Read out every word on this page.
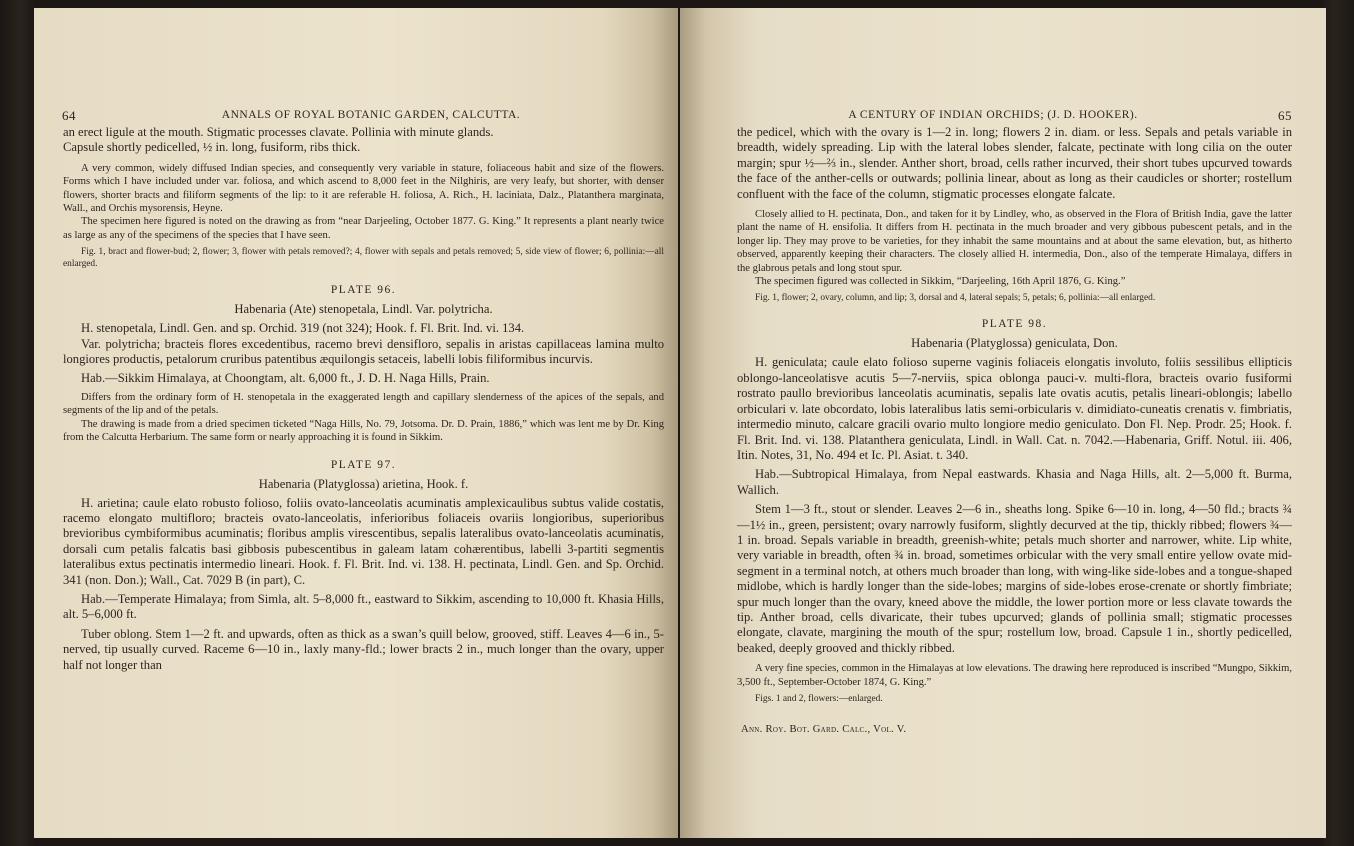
64	ANNALS OF ROYAL BOTANIC GARDEN, CALCUTTA.

an erect ligule at the mouth. Stigmatic processes clavate. Pollinia with minute glands.

Capsule shortly pedicelled, ½ in. long, fusiform, ribs thick.

A very common, widely diffused Indian species, and consequently very variable in stature, foliaceous habit and size of the flowers. Forms which I have included under var. foliosa, and which ascend to 8,000 feet in the Nilghiris, are very leafy, but shorter, with denser flowers, shorter bracts and filiform segments of the lip: to it are referable H. foliosa, A. Rich., H. laciniata, Dalz., Platanthera marginata, Wall., and Orchis mysorensis, Heyne.

The specimen here figured is noted on the drawing as from “near Darjeeling, October 1877. G. King.” It represents a plant nearly twice as large as any of the specimens of the species that I have seen.

Fig. 1, bract and flower-bud; 2, flower; 3, flower with petals removed?; 4, flower with sepals and petals removed; 5, side view of flower; 6, pollinia:—all enlarged.

PLATE 96.

Habenaria (Ate) stenopetala, Lindl. Var. polytricha.

H. stenopetala, Lindl. Gen. and sp. Orchid. 319 (not 324); Hook. f. Fl. Brit. Ind. vi. 134.

Var. polytricha; bracteis flores excedentibus, racemo brevi densifloro, sepalis in aristas capillaceas lamina multo longiores productis, petalorum cruribus patentibus æquilongis setaceis, labelli lobis filiformibus incurvis.

Hab.—Sikkim Himalaya, at Choongtam, alt. 6,000 ft., J. D. H. Naga Hills, Prain.

Differs from the ordinary form of H. stenopetala in the exaggerated length and capillary slenderness of the apices of the sepals, and segments of the lip and of the petals.

The drawing is made from a dried specimen ticketed “Naga Hills, No. 79, Jotsoma. Dr. D. Prain, 1886,” which was lent me by Dr. King from the Calcutta Herbarium. The same form or nearly approaching it is found in Sikkim.

PLATE 97.

Habenaria (Platyglossa) arietina, Hook. f.

H. arietina; caule elato robusto folioso, foliis ovato-lanceolatis acuminatis amplexicaulibus subtus valide costatis, racemo elongato multifloro; bracteis ovato-lanceolatis, inferioribus foliaceis ovariis longioribus, superioribus brevioribus cymbiformibus acuminatis; floribus amplis virescentibus, sepalis lateralibus ovato-lanceolatis acuminatis, dorsali cum petalis falcatis basi gibbosis pubescentibus in galeam latam cohærentibus, labelli 3-partiti segmentis lateralibus extus pectinatis intermedio lineari. Hook. f. Fl. Brit. Ind. vi. 138. H. pectinata, Lindl. Gen. and Sp. Orchid. 341 (non. Don.); Wall., Cat. 7029 B (in part), C.

Hab.—Temperate Himalaya; from Simla, alt. 5–8,000 ft., eastward to Sikkim, ascending to 10,000 ft. Khasia Hills, alt. 5–6,000 ft.

Tuber oblong. Stem 1—2 ft. and upwards, often as thick as a swan’s quill below, grooved, stiff. Leaves 4—6 in., 5-nerved, tip usually curved. Raceme 6—10 in., laxly many-fld.; lower bracts 2 in., much longer than the ovary, upper half not longer than

A CENTURY OF INDIAN ORCHIDS; (J. D. HOOKER).	65

the pedicel, which with the ovary is 1—2 in. long; flowers 2 in. diam. or less. Sepals and petals variable in breadth, widely spreading. Lip with the lateral lobes slender, falcate, pectinate with long cilia on the outer margin; spur ½—⅔ in., slender. Anther short, broad, cells rather incurved, their short tubes upcurved towards the face of the anther-cells or outwards; pollinia linear, about as long as their caudicles or shorter; rostellum confluent with the face of the column, stigmatic processes elongate falcate.

Closely allied to H. pectinata, Don., and taken for it by Lindley, who, as observed in the Flora of British India, gave the latter plant the name of H. ensifolia. It differs from H. pectinata in the much broader and very gibbous pubescent petals, and in the longer lip. They may prove to be varieties, for they inhabit the same mountains and at about the same elevation, but, as hitherto observed, apparently keeping their characters. The closely allied H. intermedia, Don., also of the temperate Himalaya, differs in the glabrous petals and long stout spur.

The specimen figured was collected in Sikkim, “Darjeeling, 16th April 1876, G. King.”

Fig. 1, flower; 2, ovary, column, and lip; 3, dorsal and 4, lateral sepals; 5, petals; 6, pollinia:—all enlarged.

PLATE 98.

Habenaria (Platyglossa) geniculata, Don.

H. geniculata; caule elato folioso superne vaginis foliaceis elongatis involuto, foliis sessilibus ellipticis oblongo-lanceolatisve acutis 5—7-nerviis, spica oblonga pauci-v. multi-flora, bracteis ovario fusiformi rostrato paullo brevioribus lanceolatis acuminatis, sepalis late ovatis acutis, petalis lineari-oblongis; labello orbiculari v. late obcordato, lobis lateralibus latis semi-orbicularis v. dimidiato-cuneatis crenatis v. fimbriatis, intermedio minuto, calcare gracili ovario multo longiore medio geniculato. Don Fl. Nep. Prodr. 25; Hook. f. Fl. Brit. Ind. vi. 138. Platanthera geniculata, Lindl. in Wall. Cat. n. 7042.—Habenaria, Griff. Notul. iii. 406, Itin. Notes, 31, No. 494 et Ic. Pl. Asiat. t. 340.

Hab.—Subtropical Himalaya, from Nepal eastwards. Khasia and Naga Hills, alt. 2—5,000 ft. Burma, Wallich.

Stem 1—3 ft., stout or slender. Leaves 2—6 in., sheaths long. Spike 6—10 in. long, 4—50 fld.; bracts ¾—1½ in., green, persistent; ovary narrowly fusiform, slightly decurved at the tip, thickly ribbed; flowers ¾—1 in. broad. Sepals variable in breadth, greenish-white; petals much shorter and narrower, white. Lip white, very variable in breadth, often ¾ in. broad, sometimes orbicular with the very small entire yellow ovate mid-segment in a terminal notch, at others much broader than long, with wing-like side-lobes and a tongue-shaped midlobe, which is hardly longer than the side-lobes; margins of side-lobes erose-crenate or shortly fimbriate; spur much longer than the ovary, kneed above the middle, the lower portion more or less clavate towards the tip. Anther broad, cells divaricate, their tubes upcurved; glands of pollinia small; stigmatic processes elongate, clavate, margining the mouth of the spur; rostellum low, broad. Capsule 1 in., shortly pedicelled, beaked, deeply grooved and thickly ribbed.

A very fine species, common in the Himalayas at low elevations. The drawing here reproduced is inscribed “Mungpo, Sikkim, 3,500 ft., September-October 1874, G. King.”

Figs. 1 and 2, flowers:—enlarged.

Ann. Roy. Bot. Gard. Calc., Vol. V.
